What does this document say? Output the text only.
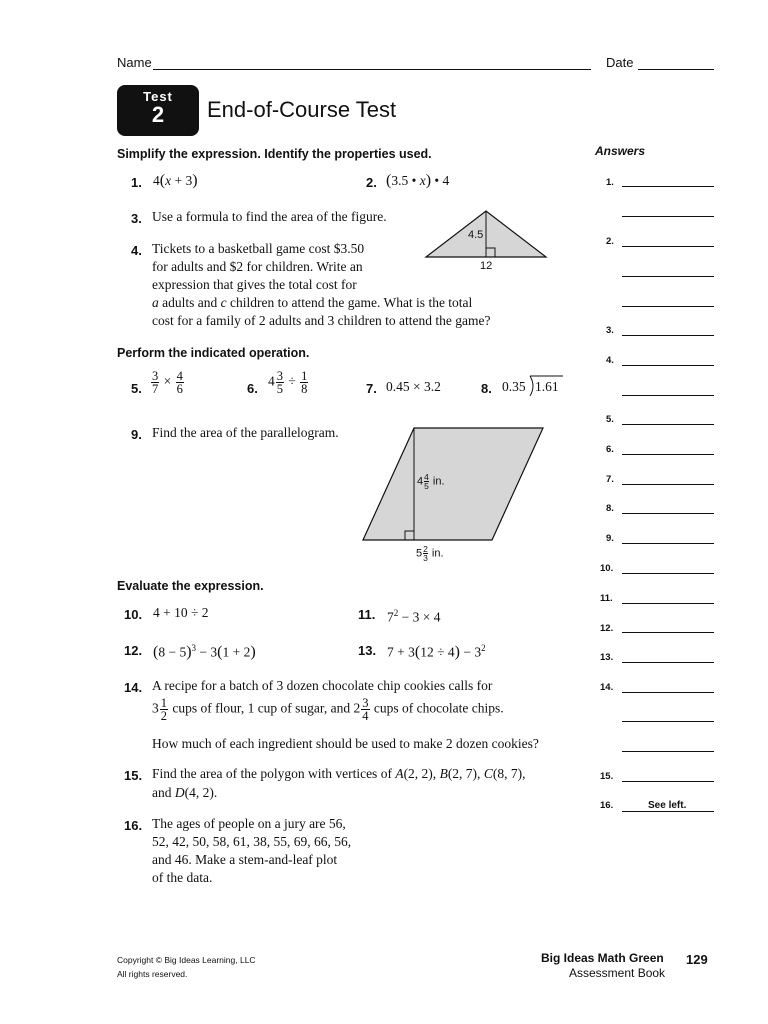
Name	Date
Test
2	End-of-Course Test
Simplify the expression. Identify the properties used.	Answers
1. 4(x + 3)	2. (3.5 • x) • 4
3. Use a formula to find the area of the figure.
4.5
12
4. Tickets to a basketball game cost $3.50
for adults and $2 for children. Write an
expression that gives the total cost for
a adults and c children to attend the game. What is the total
cost for a family of 2 adults and 3 children to attend the game?
Perform the indicated operation.
5. $\frac{3}{7} \times \frac{4}{6}$	6. $4 \frac{3}{5} \div \frac{1}{8}$	7. 0.45 × 3.2	8. 0.35 1.61
9. Find the area of the parallelogram.
$4 \frac{4}{5}$ in.
$5 \frac{2}{3}$ in.
Evaluate the expression.
10. 4 + 10 ÷ 2	11. $7^2 - 3 \times 4$
12. $(8 - 5)^3 - 3(1 + 2)$	13. $7 + 3(12 \div 4) - 3^2$
14. A recipe for a batch of 3 dozen chocolate chip cookies calls for
$3 \frac{1}{2}$ cups of flour, 1 cup of sugar, and $2 \frac{3}{4}$ cups of chocolate chips.
How much of each ingredient should be used to make 2 dozen cookies?
15. Find the area of the polygon with vertices of A(2, 2), B(2, 7), C(8, 7),
and D(4, 2).
16. The ages of people on a jury are 56,
52, 42, 50, 58, 61, 38, 55, 69, 66, 56,
and 46. Make a stem-and-leaf plot
of the data.
1.
2.
3.
4.
5.
6.
7.
8.
9.
10.
11.
12.
13.
14.
15.
16.	See left.
Copyright © Big Ideas Learning, LLC
All rights reserved.
Big Ideas Math Green
Assessment Book
129
